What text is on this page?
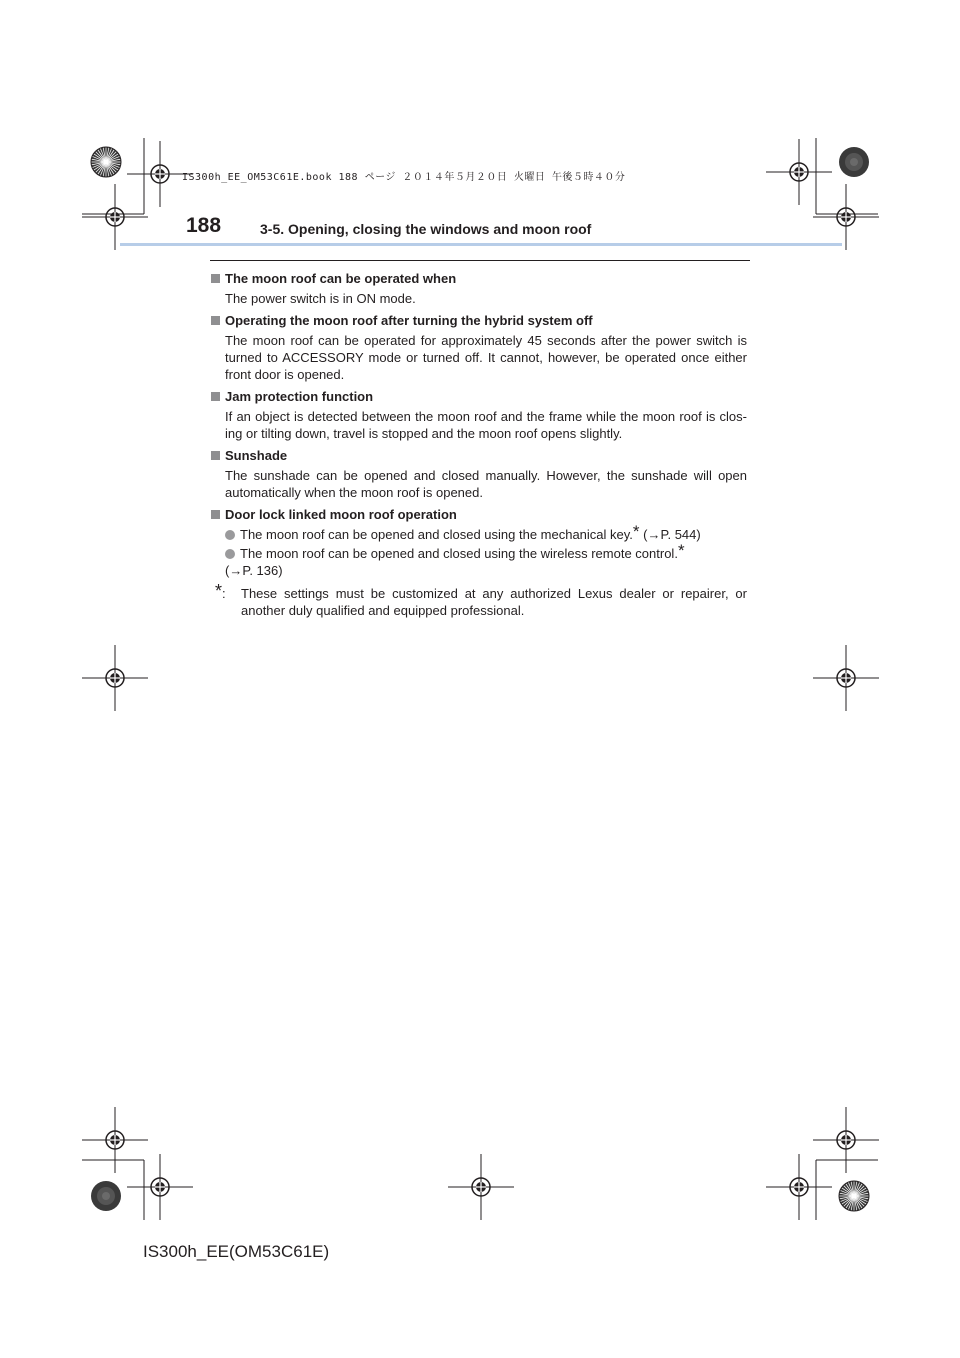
IS300h_EE_OM53C61E.book 188 ページ ２０１４年５月２０日 火曜日 午後５時４０分
188	3-5. Opening, closing the windows and moon roof
The moon roof can be operated when
The power switch is in ON mode.
Operating the moon roof after turning the hybrid system off
The moon roof can be operated for approximately 45 seconds after the power switch is turned to ACCESSORY mode or turned off. It cannot, however, be operated once either front door is opened.
Jam protection function
If an object is detected between the moon roof and the frame while the moon roof is clos-ing or tilting down, travel is stopped and the moon roof opens slightly.
Sunshade
The sunshade can be opened and closed manually. However, the sunshade will open automatically when the moon roof is opened.
Door lock linked moon roof operation
The moon roof can be opened and closed using the mechanical key.* (→P. 544)
The moon roof can be opened and closed using the wireless remote control.*
(→P. 136)
*:	These settings must be customized at any authorized Lexus dealer or repairer, or another duly qualified and equipped professional.
IS300h_EE(OM53C61E)
